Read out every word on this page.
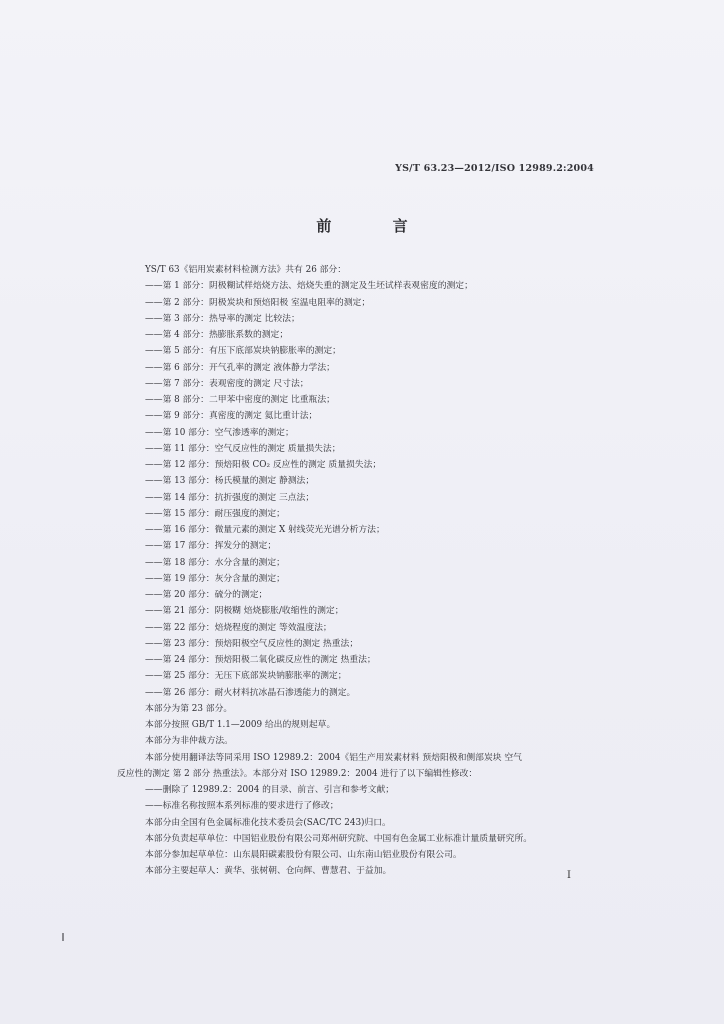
YS/T 63.23—2012/ISO 12989.2:2004
前 言
YS/T 63《铝用炭素材料检测方法》共有 26 部分：
—— 第 1 部分：阴极糊试样焙烧方法、焙烧失重的测定及生坯试样表观密度的测定；
—— 第 2 部分：阴极炭块和预焙阳极 室温电阻率的测定；
—— 第 3 部分：热导率的测定 比较法；
—— 第 4 部分：热膨胀系数的测定；
—— 第 5 部分：有压下底部炭块钠膨胀率的测定；
—— 第 6 部分：开气孔率的测定 液体静力学法；
—— 第 7 部分：表观密度的测定 尺寸法；
—— 第 8 部分：二甲苯中密度的测定 比重瓶法；
—— 第 9 部分：真密度的测定 氦比重计法；
—— 第 10 部分：空气渗透率的测定；
—— 第 11 部分：空气反应性的测定 质量损失法；
—— 第 12 部分：预焙阳极 CO₂ 反应性的测定 质量损失法；
—— 第 13 部分：杨氏模量的测定 静测法；
—— 第 14 部分：抗折强度的测定 三点法；
—— 第 15 部分：耐压强度的测定；
—— 第 16 部分：微量元素的测定 X 射线荧光光谱分析方法；
—— 第 17 部分：挥发分的测定；
—— 第 18 部分：水分含量的测定；
—— 第 19 部分：灰分含量的测定；
—— 第 20 部分：硫分的测定；
—— 第 21 部分：阴极糊 焙烧膨胀/收缩性的测定；
—— 第 22 部分：焙烧程度的测定 等效温度法；
—— 第 23 部分：预焙阳极空气反应性的测定 热重法；
—— 第 24 部分：预焙阳极二氧化碳反应性的测定 热重法；
—— 第 25 部分：无压下底部炭块钠膨胀率的测定；
—— 第 26 部分：耐火材料抗冰晶石渗透能力的测定。
本部分为第 23 部分。
本部分按照 GB/T 1.1—2009 给出的规则起草。
本部分为非仲裁方法。
本部分使用翻译法等同采用 ISO 12989.2：2004《铝生产用炭素材料 预焙阳极和侧部炭块 空气
反应性的测定 第 2 部分 热重法》。本部分对 ISO 12989.2：2004 进行了以下编辑性修改：
—— 删除了 12989.2：2004 的目录、前言、引言和参考文献；
—— 标准名称按照本系列标准的要求进行了修改；
本部分由全国有色金属标准化技术委员会(SAC/TC 243)归口。
本部分负责起草单位：中国铝业股份有限公司郑州研究院、中国有色金属工业标准计量质量研究所。
本部分参加起草单位：山东晨阳碳素股份有限公司、山东南山铝业股份有限公司。
本部分主要起草人：黄华、张树朝、仓向辉、曹慧君、于益加。	I
